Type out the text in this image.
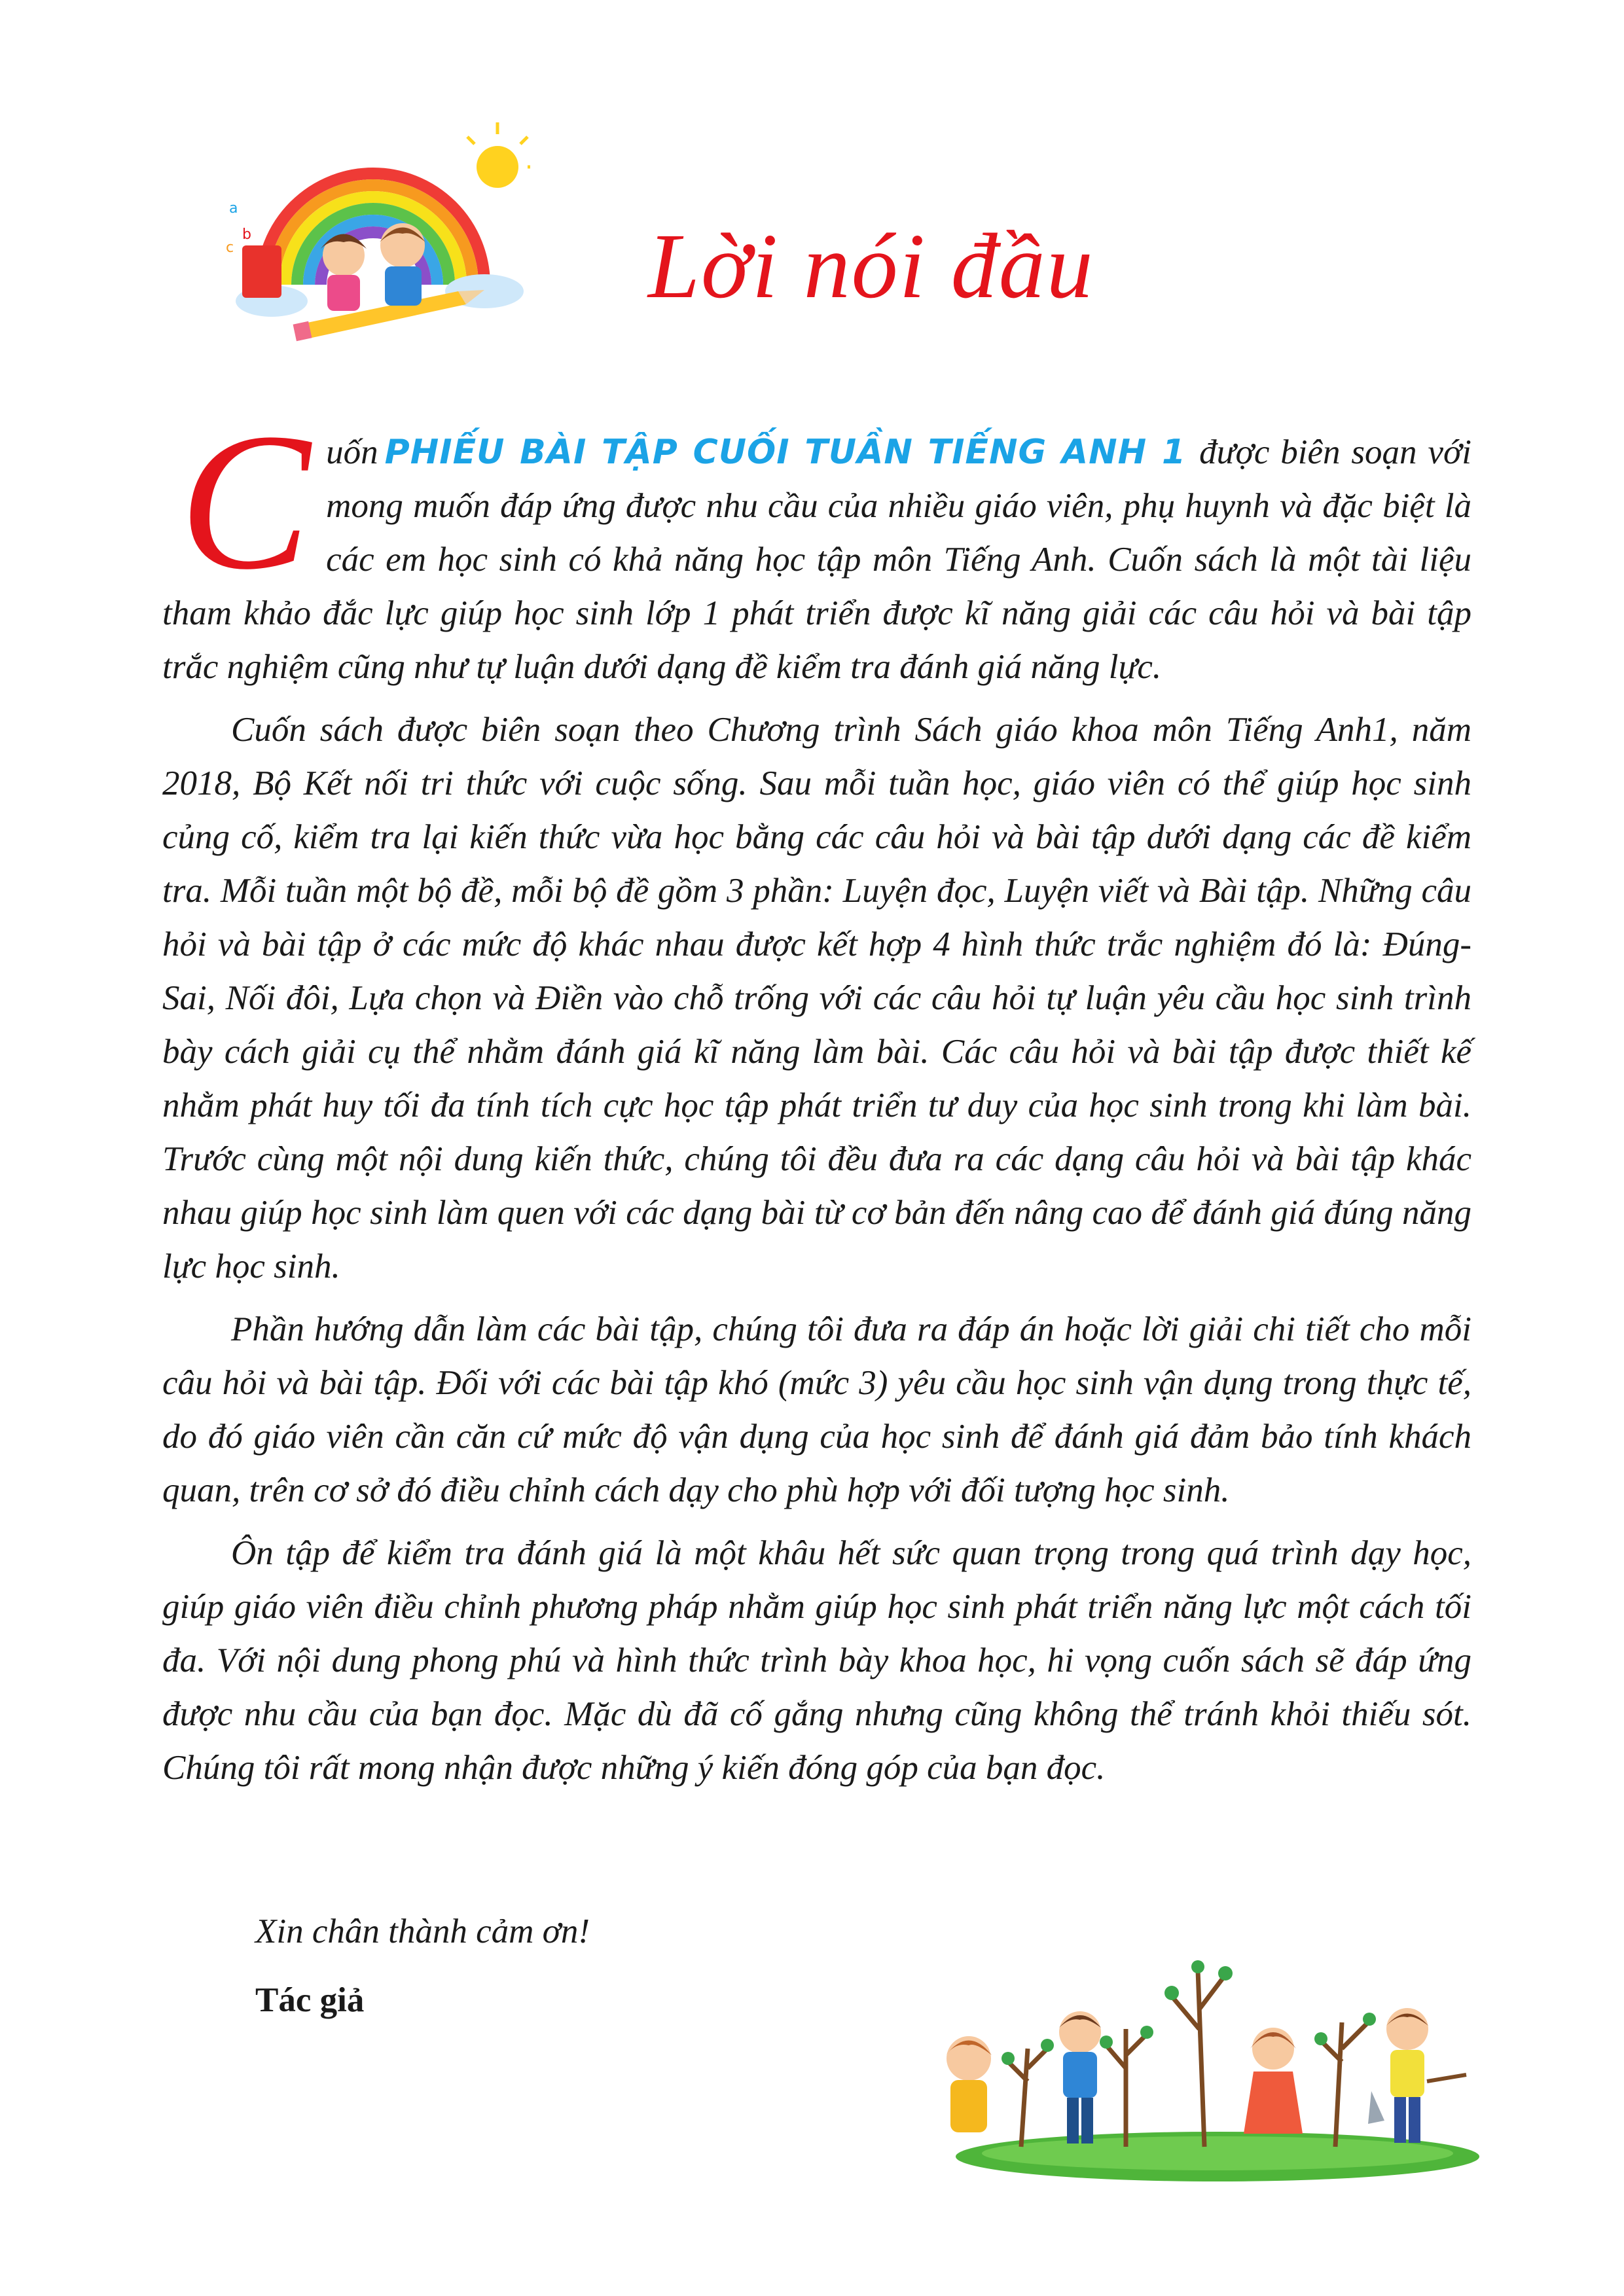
a
b
c	Lời nói đầu

Cuốn PHIẾU BÀI TẬP CUỐI TUẦN TIẾNG ANH 1 được biên soạn với mong muốn đáp ứng được nhu cầu của nhiều giáo viên, phụ huynh và đặc biệt là các em học sinh có khả năng học tập môn Tiếng Anh. Cuốn sách là một tài liệu tham khảo đắc lực giúp học sinh lớp 1 phát triển được kĩ năng giải các câu hỏi và bài tập trắc nghiệm cũng như tự luận dưới dạng đề kiểm tra đánh giá năng lực.

Cuốn sách được biên soạn theo Chương trình Sách giáo khoa môn Tiếng Anh1, năm 2018, Bộ Kết nối tri thức với cuộc sống. Sau mỗi tuần học, giáo viên có thể giúp học sinh củng cố, kiểm tra lại kiến thức vừa học bằng các câu hỏi và bài tập dưới dạng các đề kiểm tra. Mỗi tuần một bộ đề, mỗi bộ đề gồm 3 phần: Luyện đọc, Luyện viết và Bài tập. Những câu hỏi và bài tập ở các mức độ khác nhau được kết hợp 4 hình thức trắc nghiệm đó là: Đúng-Sai, Nối đôi, Lựa chọn và Điền vào chỗ trống với các câu hỏi tự luận yêu cầu học sinh trình bày cách giải cụ thể nhằm đánh giá kĩ năng làm bài. Các câu hỏi và bài tập được thiết kế nhằm phát huy tối đa tính tích cực học tập phát triển tư duy của học sinh trong khi làm bài. Trước cùng một nội dung kiến thức, chúng tôi đều đưa ra các dạng câu hỏi và bài tập khác nhau giúp học sinh làm quen với các dạng bài từ cơ bản đến nâng cao để đánh giá đúng năng lực học sinh.

Phần hướng dẫn làm các bài tập, chúng tôi đưa ra đáp án hoặc lời giải chi tiết cho mỗi câu hỏi và bài tập. Đối với các bài tập khó (mức 3) yêu cầu học sinh vận dụng trong thực tế, do đó giáo viên cần căn cứ mức độ vận dụng của học sinh để đánh giá đảm bảo tính khách quan, trên cơ sở đó điều chỉnh cách dạy cho phù hợp với đối tượng học sinh.

Ôn tập để kiểm tra đánh giá là một khâu hết sức quan trọng trong quá trình dạy học, giúp giáo viên điều chỉnh phương pháp nhằm giúp học sinh phát triển năng lực một cách tối đa. Với nội dung phong phú và hình thức trình bày khoa học, hi vọng cuốn sách sẽ đáp ứng được nhu cầu của bạn đọc. Mặc dù đã cố gắng nhưng cũng không thể tránh khỏi thiếu sót. Chúng tôi rất mong nhận được những ý kiến đóng góp của bạn đọc.

Xin chân thành cảm ơn!
Tác giả
